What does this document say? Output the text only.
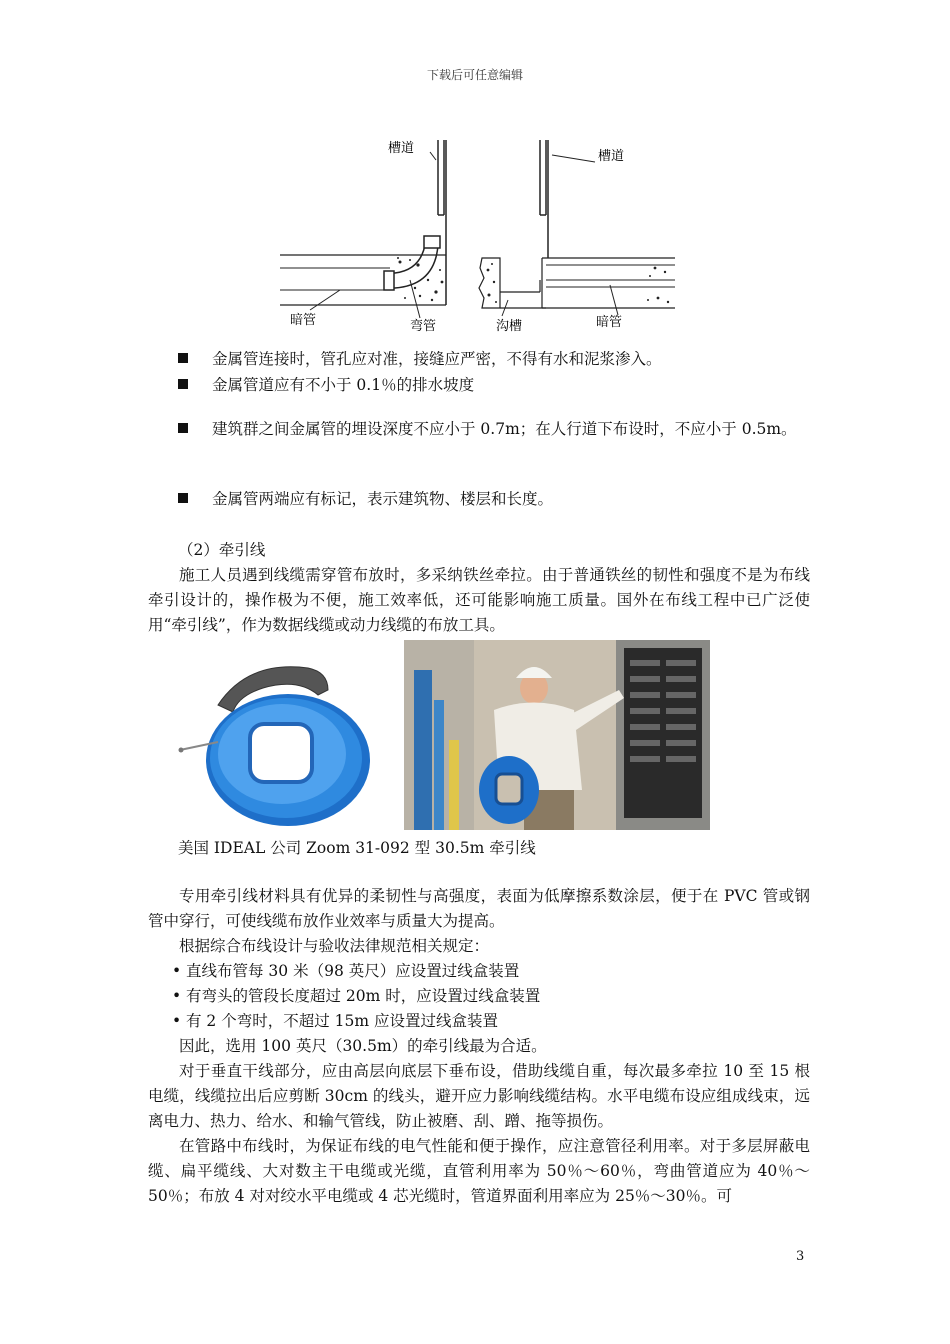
下载后可任意编辑
槽道
暗管	弯管
槽道
沟槽	暗管
金属管连接时，管孔应对准，接缝应严密，不得有水和泥浆渗入。
金属管道应有不小于 0.1％的排水坡度
建筑群之间金属管的埋设深度不应小于 0.7m；在人行道下布设时，不应小于 0.5m。
金属管两端应有标记，表示建筑物、楼层和长度。
（2）牵引线
施工人员遇到线缆需穿管布放时，多采纳铁丝牵拉。由于普通铁丝的韧性和强度不是为布线牵引设计的，操作极为不便，施工效率低，还可能影响施工质量。国外在布线工程中已广泛使用“牵引线”，作为数据线缆或动力线缆的布放工具。
美国 IDEAL 公司 Zoom 31-092 型 30.5m 牵引线
专用牵引线材料具有优异的柔韧性与高强度，表面为低摩擦系数涂层，便于在 PVC 管或钢管中穿行，可使线缆布放作业效率与质量大为提高。
根据综合布线设计与验收法律规范相关规定：
• 直线布管每 30 米（98 英尺）应设置过线盒装置
• 有弯头的管段长度超过 20m 时，应设置过线盒装置
• 有 2 个弯时，不超过 15m 应设置过线盒装置
因此，选用 100 英尺（30.5m）的牵引线最为合适。
对于垂直干线部分，应由高层向底层下垂布设，借助线缆自重，每次最多牵拉 10 至 15 根电缆，线缆拉出后应剪断 30cm 的线头，避开应力影响线缆结构。水平电缆布设应组成线束，远离电力、热力、给水、和输气管线，防止被磨、刮、蹭、拖等损伤。
在管路中布线时，为保证布线的电气性能和便于操作，应注意管径利用率。对于多层屏蔽电缆、扁平缆线、大对数主干电缆或光缆，直管利用率为 50％～60％，弯曲管道应为 40％～50％；布放 4 对对绞水平电缆或 4 芯光缆时，管道界面利用率应为 25％～30％。可
3
